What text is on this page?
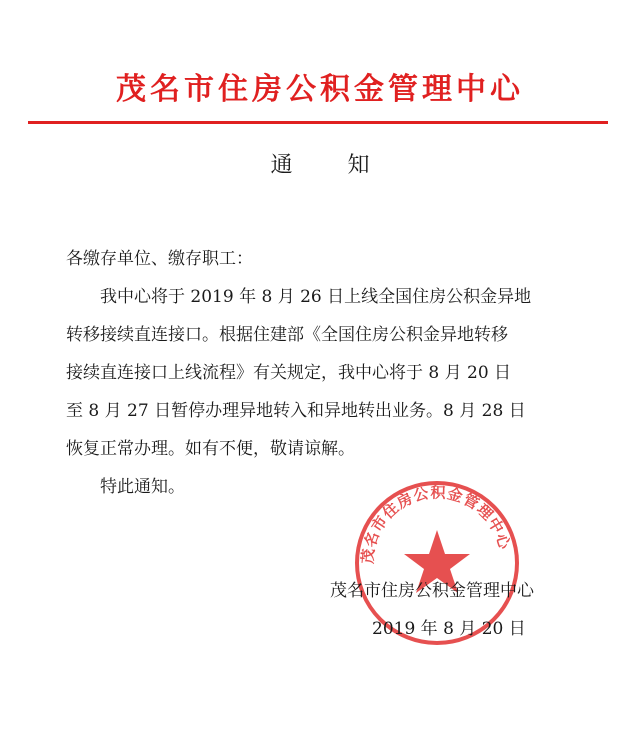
茂名市住房公积金管理中心
通 知
各缴存单位、缴存职工：
我中心将于 2019 年 8 月 26 日上线全国住房公积金异地
转移接续直连接口。根据住建部《全国住房公积金异地转移
接续直连接口上线流程》有关规定，我中心将于 8 月 20 日
至 8 月 27 日暂停办理异地转入和异地转出业务。8 月 28 日
恢复正常办理。如有不便，敬请谅解。
特此通知。
茂名市住房公积金管理中心
茂名市住房公积金管理中心
2019 年 8 月 20 日
